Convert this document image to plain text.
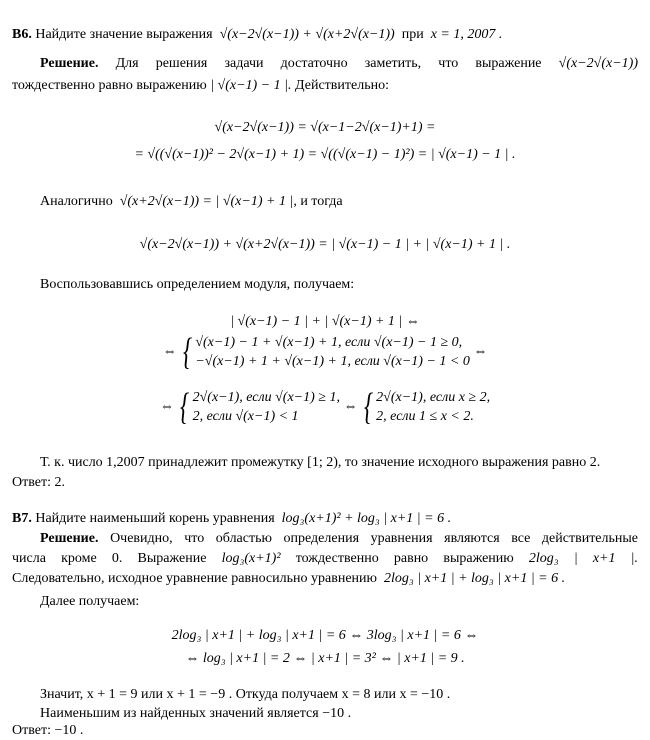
В6. Найдите значение выражения √(x−2√(x−1)) + √(x+2√(x−1)) при x = 1, 2007 .
Решение. Для решения задачи достаточно заметить, что выражение √(x−2√(x−1))
тождественно равно выражению | √(x−1) − 1 |. Действительно:
√(x−2√(x−1)) = √(x−1−2√(x−1)+1) =
= √((√(x−1))² − 2√(x−1) + 1) = √((√(x−1) − 1)²) = | √(x−1) − 1 | .
Аналогично √(x+2√(x−1)) = | √(x−1) + 1 |, и тогда
√(x−2√(x−1)) + √(x+2√(x−1)) = | √(x−1) − 1 | + | √(x−1) + 1 | .
Воспользовавшись определением модуля, получаем:
| √(x−1) − 1 | + | √(x−1) + 1 | ⇔
⇔ { √(x−1) − 1 + √(x−1) + 1, если √(x−1) − 1 ≥ 0,
−√(x−1) + 1 + √(x−1) + 1, если √(x−1) − 1 < 0
⇔
⇔ { 2√(x−1), если √(x−1) ≥ 1,
2, если √(x−1) < 1
⇔ { 2√(x−1), если x ≥ 2,
2, если 1 ≤ x < 2.
Т. к. число 1,2007 принадлежит промежутку [1; 2), то значение исходного выражения равно 2.
Ответ: 2.
В7. Найдите наименьший корень уравнения log₃(x+1)² + log₃ | x+1 | = 6 .
Решение. Очевидно, что областью определения уравнения являются все действительные
числа кроме 0. Выражение log₃(x+1)² тождественно равно выражению 2log₃ | x+1 |.
Следовательно, исходное уравнение равносильно уравнению 2log₃ | x+1 | + log₃ | x+1 | = 6 .
Далее получаем:
2log₃ | x+1 | + log₃ | x+1 | = 6 ⇔ 3log₃ | x+1 | = 6 ⇔
⇔ log₃ | x+1 | = 2 ⇔ | x+1 | = 3² ⇔ | x+1 | = 9 .
Значит, x + 1 = 9 или x + 1 = −9 . Откуда получаем x = 8 или x = −10 .
Наименьшим из найденных значений является −10 .
Ответ: −10 .
